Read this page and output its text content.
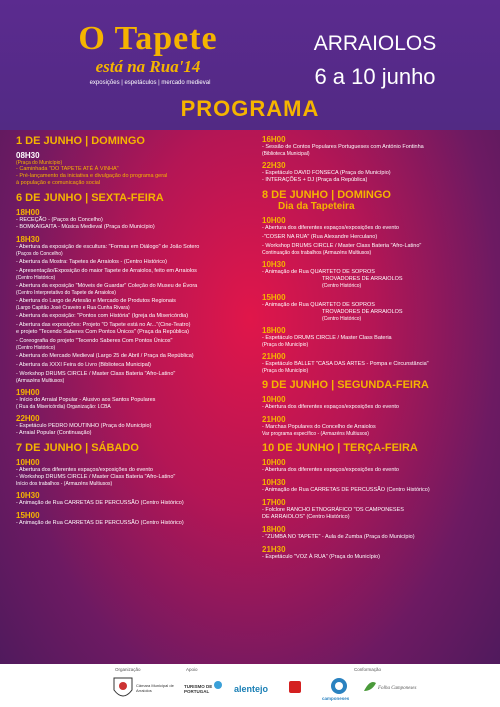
O Tapete
está na Rua'14
exposições | espetáculos | mercado medieval
ARRAIOLOS
6 a 10 junho
PROGRAMA
1 DE JUNHO | DOMINGO
08H30
(Praça do Município)
- Caminhada "DO TAPETE ATÉ À VINHA"
- Pré-lançamento da iniciativa e divulgação do programa geral
à população e comunicação social
6 DE JUNHO | SEXTA-FEIRA
18H00
- RECEÇÃO - (Paços do Concelho)
- BOMKAIGAITA - Música Medieval (Praça do Município)
18H30
- Abertura da exposição de escultura: "Formas em Diálogo" de João Sotero
(Paços do Concelho)
- Abertura da Mostra: Tapetes de Arraiolos - (Centro Histórico)
- Apresentação/Exposição do maior Tapete de Arraiolos, feito em Arraiolos
(Centro Histórico)
- Abertura da exposição "Móveis de Guardar" Coleção do Museu de Évora
(Centro Interpretativo do Tapete de Arraiolos)
- Abertura do Largo de Artesão e Mercado de Produtos Regionais
(Largo Capitão José Craveiro e Rua Cunha Rivara)
- Abertura da exposição: "Pontos com História" (Igreja da Misericórdia)
- Abertura das exposições: Projeto "O Tapete está no Ar..."(Cine-Teatro)
e projeto "Tecendo Saberes Com Pontos Únicos" (Praça da República)
- Coreografia do projeto "Tecendo Saberes Com Pontos Únicos"
(Centro Histórico)
- Abertura do Mercado Medieval (Largo 25 de Abril / Praça da República)
- Abertura da XXXI Feira do Livro (Biblioteca Municipal)
- Workshop DRUMS CIRCLE / Master Class Bateria "Afro-Latino"
(Armazéns Multiusos)
19H00
- Início do Arraial Popular - Alusivo aos Santos Populares
( Rua da Misericórdia) Organização: LCBA
22H00
- Espetáculo PEDRO MOUTINHO (Praça do Município)
- Arraial Popular (Continuação)
7 DE JUNHO | SÁBADO
10H00
- Abertura dos diferentes espaços/exposições do evento
- Workshop DRUMS CIRCLE / Master Class Bateria "Afro-Latino"
Início dos trabalhos - (Armazéns Multiusos)
10H30
- Animação de Rua CARRETAS DE PERCUSSÃO (Centro Histórico)
15H00
- Animação de Rua CARRETAS DE PERCUSSÃO (Centro Histórico)
16H00
- Sessão de Contos Populares Portugueses com António Fontinha
(Biblioteca Municipal)
22H30
- Espetáculo DAVID FONSECA (Praça do Município)
- INTERAÇÕES + DJ (Praça da República)
8 DE JUNHO | DOMINGO
Dia da Tapeteira
10H00
- Abertura dos diferentes espaços/exposições do evento
-"COSER NA RUA" (Rua Alexandre Herculano)
- Workshop DRUMS CIRCLE / Master Class Bateria "Afro-Latino"
Continuação dos trabalhos (Armazéns Multiusos)
10H30
- Animação de Rua QUARTETO DE SOPROS
TROVADORES DE ARRAIOLOS
(Centro Histórico)
15H00
- Animação de Rua QUARTETO DE SOPROS
TROVADORES DE ARRAIOLOS
(Centro Histórico)
18H00
- Espetáculo DRUMS CIRCLE / Master Class Bateria
(Praça do Município)
21H00
- Espetáculo BALLET "CASA DAS ARTES - Pompa e Circunstância"
(Praça do Município)
9 DE JUNHO | SEGUNDA-FEIRA
10H00
- Abertura dos diferentes espaços/exposições do evento
21H00
- Marchas Populares do Concelho de Arraiolos
Var programa específico - (Armazéns Multiusos)
10 DE JUNHO | TERÇA-FEIRA
10H00
- Abertura dos diferentes espaços/exposições do evento
10H30
- Animação de Rua CARRETAS DE PERCUSSÃO (Centro Histórico)
17H00
- Folclore RANCHO ETNOGRÁFICO "OS CAMPONESES
DE ARRAIOLOS" (Centro Histórico)
18H00
- "ZUMBA NO TAPETE" - Aula de Zumba (Praça do Município)
21H30
- Espetáculo "VOZ À RUA" (Praça do Município)
Organização	Apoio	Conformação
Câmara Municipal de Arraiolos
TURISMO DE PORTUGAL	alentejo
camponeses
Folha Camponeses
